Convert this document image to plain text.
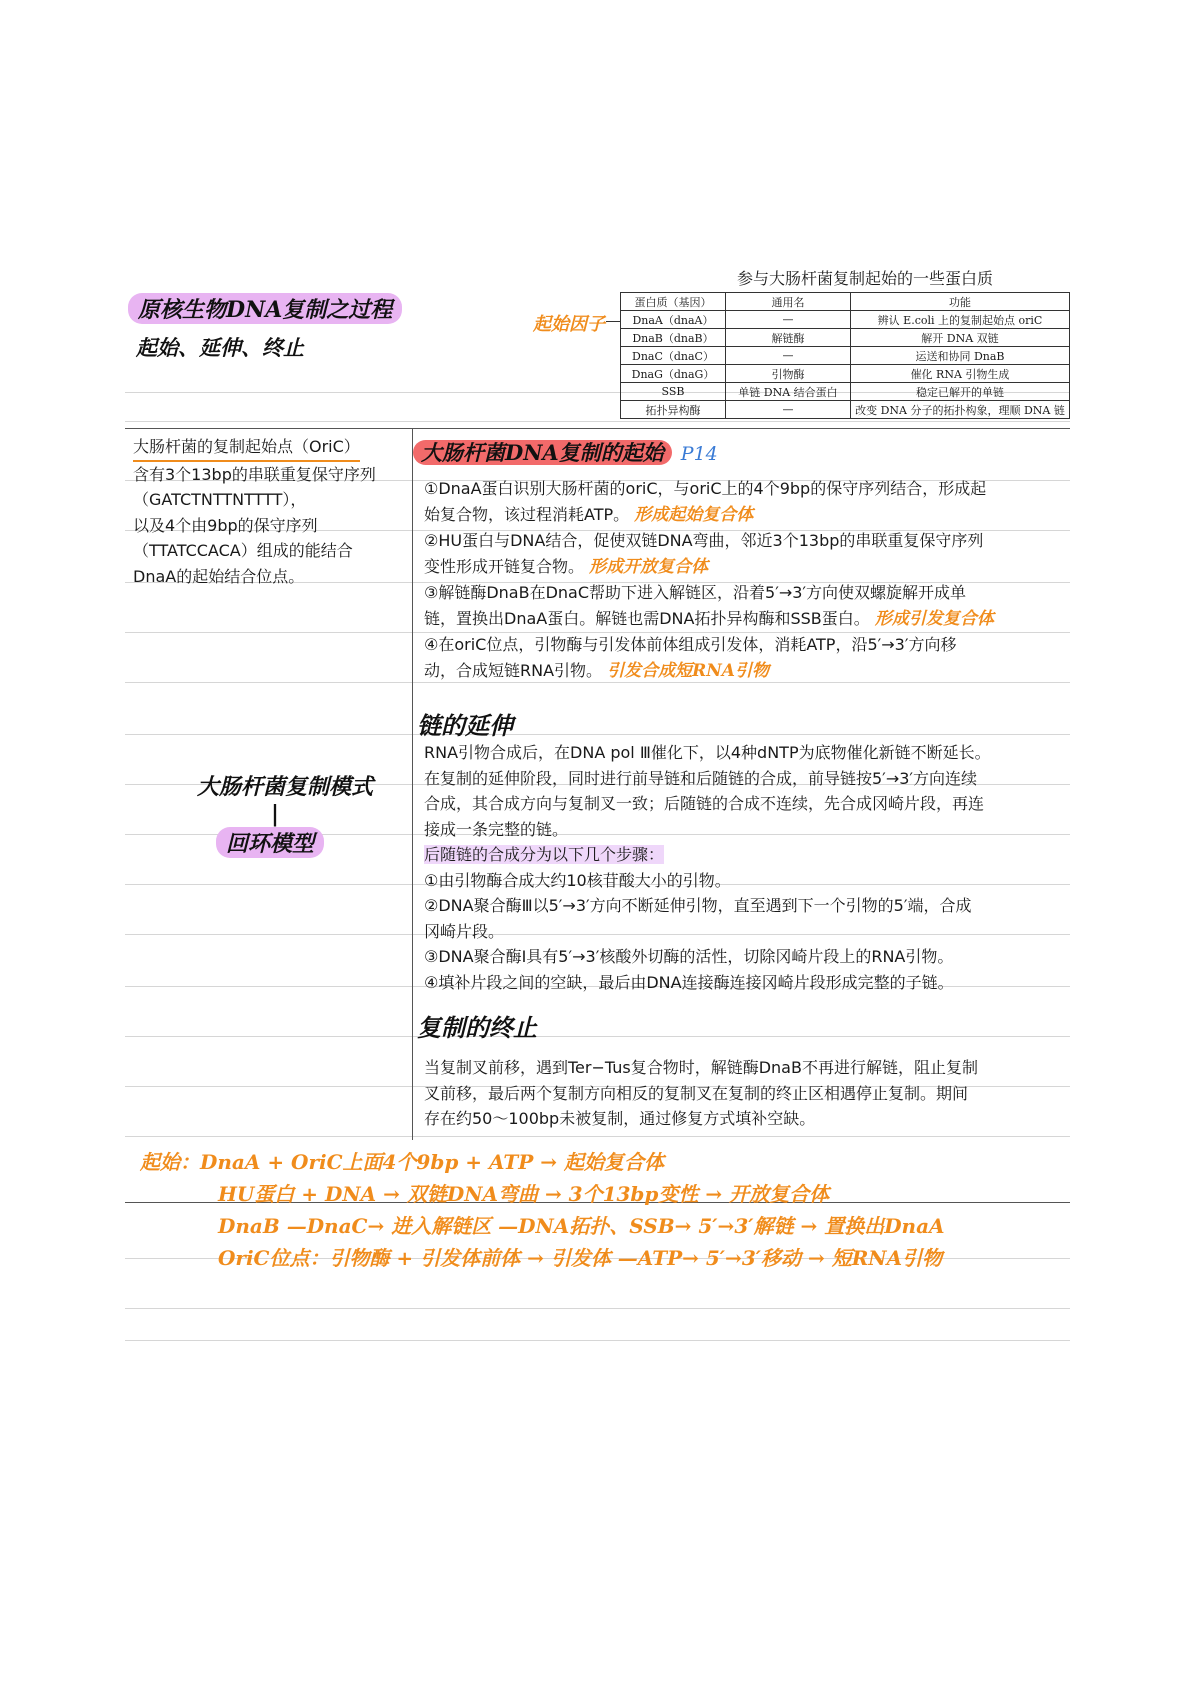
原核生物DNA复制之过程
起始、延伸、终止
参与大肠杆菌复制起始的一些蛋白质
起始因子
蛋白质（基因）	通用名	功能
DnaA（dnaA）	—	辨认 E.coli 上的复制起始点 oriC
DnaB（dnaB）	解链酶	解开 DNA 双链
DnaC（dnaC）	—	运送和协同 DnaB
DnaG（dnaG）	引物酶	催化 RNA 引物生成
SSB	单链 DNA 结合蛋白	稳定已解开的单链
拓扑异构酶	—	改变 DNA 分子的拓扑构象，理顺 DNA 链

大肠杆菌的复制起始点（OriC）

含有3个13bp的串联重复保守序列

（GATCTNTTNTTTT），

以及4个由9bp的保守序列

（TTATCCACA）组成的能结合

DnaA的起始结合位点。

大肠杆菌复制模式
|
回环模型
大肠杆菌DNA复制的起始 P14

①DnaA蛋白识别大肠杆菌的oriC，与oriC上的4个9bp的保守序列结合，形成起

始复合物，该过程消耗ATP。 形成起始复合体

②HU蛋白与DNA结合，促使双链DNA弯曲，邻近3个13bp的串联重复保守序列

变性形成开链复合物。 形成开放复合体

③解链酶DnaB在DnaC帮助下进入解链区，沿着5′→3′方向使双螺旋解开成单

链，置换出DnaA蛋白。解链也需DNA拓扑异构酶和SSB蛋白。 形成引发复合体

④在oriC位点，引物酶与引发体前体组成引发体，消耗ATP，沿5′→3′方向移

动，合成短链RNA引物。 引发合成短RNA引物

链的延伸

RNA引物合成后，在DNA pol Ⅲ催化下，以4种dNTP为底物催化新链不断延长。

在复制的延伸阶段，同时进行前导链和后随链的合成，前导链按5′→3′方向连续

合成，其合成方向与复制叉一致；后随链的合成不连续，先合成冈崎片段，再连

接成一条完整的链。

后随链的合成分为以下几个步骤：

①由引物酶合成大约10核苷酸大小的引物。

②DNA聚合酶Ⅲ以5′→3′方向不断延伸引物，直至遇到下一个引物的5′端，合成

冈崎片段。

③DNA聚合酶Ⅰ具有5′→3′核酸外切酶的活性，切除冈崎片段上的RNA引物。

④填补片段之间的空缺，最后由DNA连接酶连接冈崎片段形成完整的子链。

复制的终止

当复制叉前移，遇到Ter−Tus复合物时，解链酶DnaB不再进行解链，阻止复制

叉前移，最后两个复制方向相反的复制叉在复制的终止区相遇停止复制。期间

存在约50～100bp未被复制，通过修复方式填补空缺。

起始：DnaA + OriC上面4个9bp + ATP → 起始复合体
HU蛋白 + DNA → 双链DNA弯曲 → 3个13bp变性 → 开放复合体
DnaB —DnaC→ 进入解链区 —DNA拓扑、SSB→ 5′→3′解链 → 置换出DnaA
OriC位点：引物酶 + 引发体前体 → 引发体 —ATP→ 5′→3′移动 → 短RNA引物
